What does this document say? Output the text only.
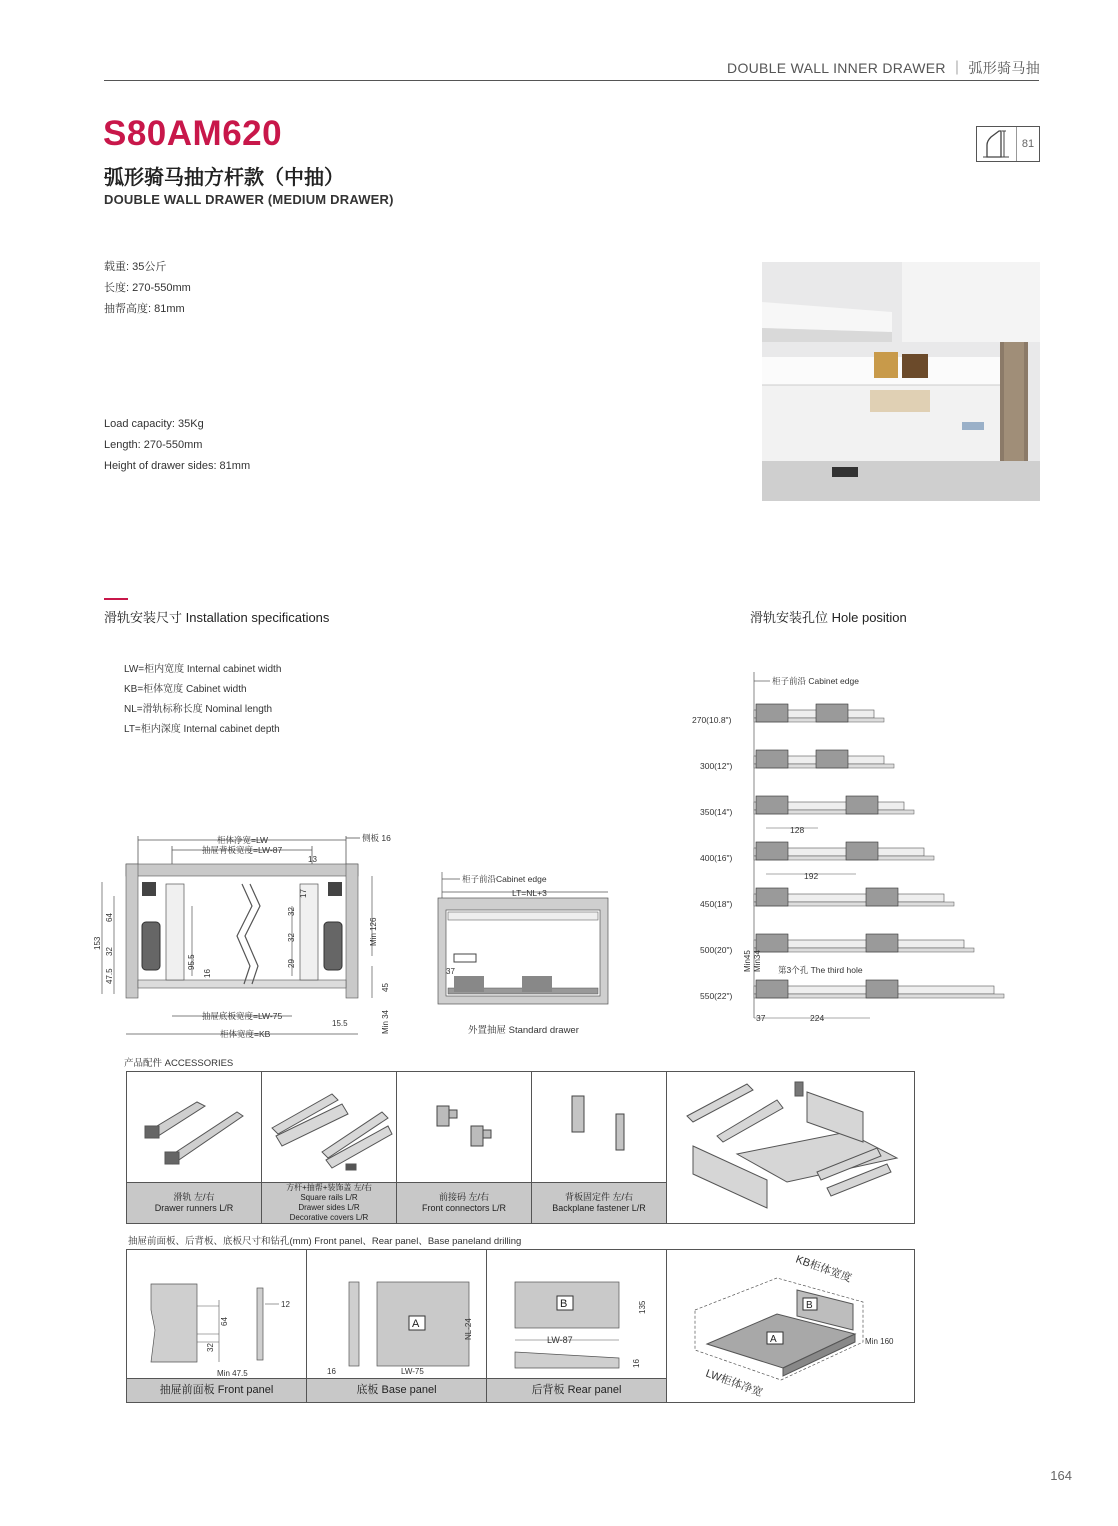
DOUBLE WALL INNER DRAWER ｜ 弧形骑马抽
S80AM620
弧形骑马抽方杆款（中抽）
DOUBLE WALL DRAWER (MEDIUM DRAWER)
81
载重: 35公斤
长度: 270-550mm
抽帮高度: 81mm
Load capacity: 35Kg
Length: 270-550mm
Height of drawer sides: 81mm
滑轨安装尺寸 Installation specifications	滑轨安装孔位 Hole position
LW=柜内宽度 Internal cabinet width
KB=柜体宽度 Cabinet width
NL=滑轨标称长度 Nominal length
LT=柜内深度 Internal cabinet depth
柜体净宽=LW
抽屉背板宽度=LW-87
侧板 16
153
64
32
47.5
95.5
16
29
32
32
17
Min 126
45
15.5	Min 34
13
抽屉底板宽度=LW-75
柜体宽度=KB
柜子前沿Cabinet edge
LT=NL+3
37
外置抽屉 Standard drawer
柜子前沿 Cabinet edge
270(10.8")
300(12")
350(14")
400(16")
450(18")
500(20")
550(22")
128
192
Min45 Min34 第3个孔 The third hole
37	224
产品配件 ACCESSORIES
滑轨 左/右
Drawer runners L/R
方杆+抽帮+装饰盖 左/右
Square rails L/R
Drawer sides L/R
Decorative covers L/R
前接码 左/右
Front connectors L/R
背板固定件 左/右
Backplane fastener L/R
抽屉前面板、后背板、底板尺寸和钻孔(mm) Front panel、Rear panel、Base paneland drilling
12
64
32
Min 47.5
抽屉前面板 Front panel
A	NL-24
16	LW-75
底板 Base panel
B	135
LW-87
16
后背板 Rear panel
A
B
KB柜体宽度
LW柜体净宽
Min 160
164
